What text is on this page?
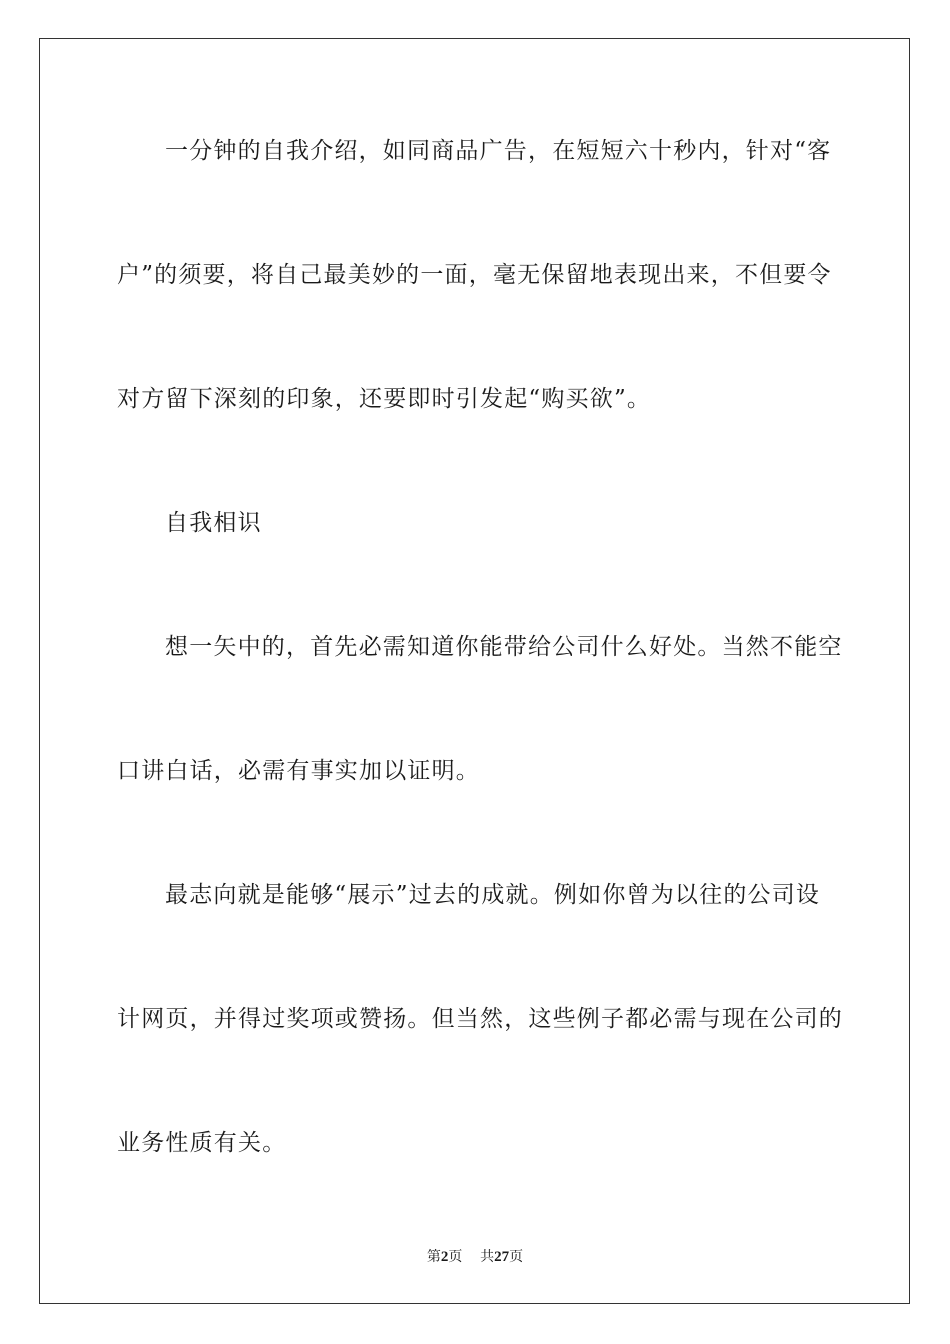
一分钟的自我介绍，如同商品广告，在短短六十秒内，针对“客
户”的须要，将自己最美妙的一面，毫无保留地表现出来，不但要令
对方留下深刻的印象，还要即时引发起“购买欲”。
自我相识
想一矢中的，首先必需知道你能带给公司什么好处。当然不能空
口讲白话，必需有事实加以证明。
最志向就是能够“展示”过去的成就。例如你曾为以往的公司设
计网页，并得过奖项或赞扬。但当然，这些例子都必需与现在公司的
业务性质有关。
第2页 共27页
